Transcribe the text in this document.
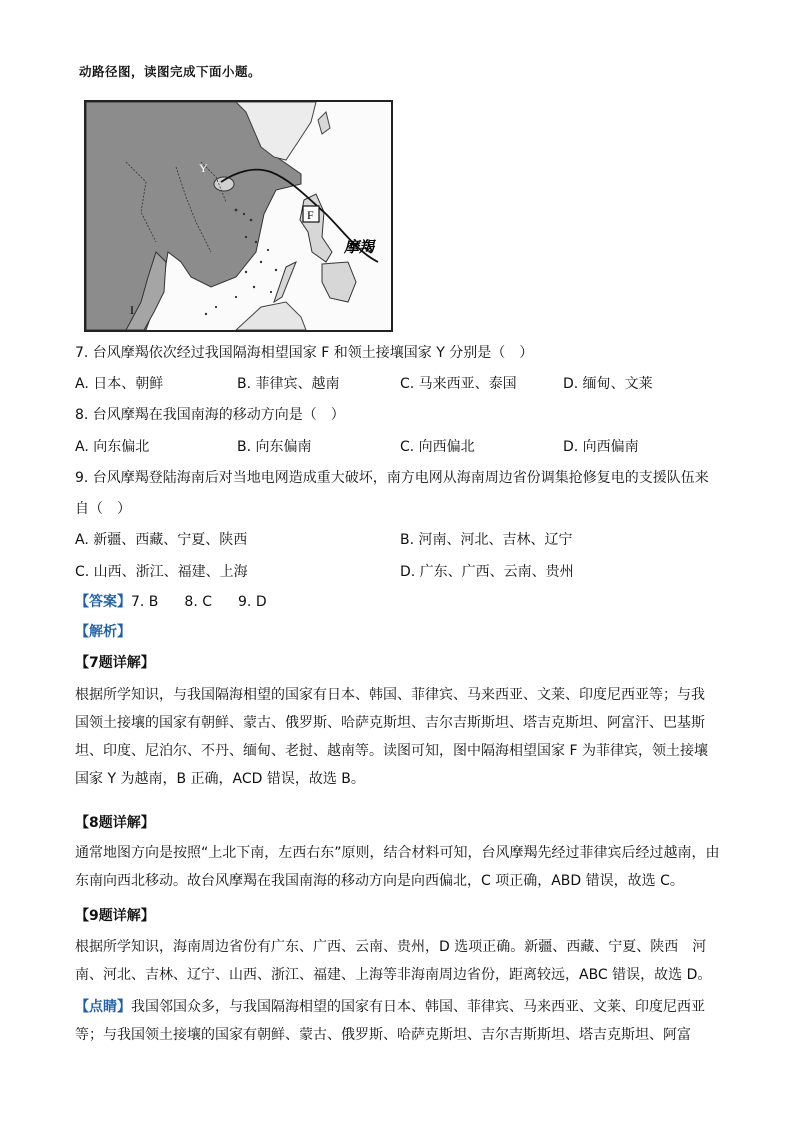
动路径图，读图完成下面小题。
F
Y
I
摩羯
7. 台风摩羯依次经过我国隔海相望国家 F 和领土接壤国家 Y 分别是（　）
A. 日本、朝鲜	B. 菲律宾、越南	C. 马来西亚、泰国	D. 缅甸、文莱
8. 台风摩羯在我国南海的移动方向是（　）
A. 向东偏北	B. 向东偏南	C. 向西偏北	D. 向西偏南
9. 台风摩羯登陆海南后对当地电网造成重大破坏，南方电网从海南周边省份调集抢修复电的支援队伍来
自（　）
A. 新疆、西藏、宁夏、陕西	B. 河南、河北、吉林、辽宁
C. 山西、浙江、福建、上海	D. 广东、广西、云南、贵州
【答案】7. B 8. C 9. D
【解析】
【7题详解】
根据所学知识，与我国隔海相望的国家有日本、韩国、菲律宾、马来西亚、文莱、印度尼西亚等；与我
国领土接壤的国家有朝鲜、蒙古、俄罗斯、哈萨克斯坦、吉尔吉斯斯坦、塔吉克斯坦、阿富汗、巴基斯
坦、印度、尼泊尔、不丹、缅甸、老挝、越南等。读图可知，图中隔海相望国家 F 为菲律宾，领土接壤
国家 Y 为越南，B 正确，ACD 错误，故选 B。
【8题详解】
通常地图方向是按照“上北下南，左西右东”原则，结合材料可知，台风摩羯先经过菲律宾后经过越南，由
东南向西北移动。故台风摩羯在我国南海的移动方向是向西偏北，C 项正确，ABD 错误，故选 C。
【9题详解】
根据所学知识，海南周边省份有广东、广西、云南、贵州，D 选项正确。新疆、西藏、宁夏、陕西　河
南、河北、吉林、辽宁、山西、浙江、福建、上海等非海南周边省份，距离较远，ABC 错误，故选 D。
【点睛】我国邻国众多，与我国隔海相望的国家有日本、韩国、菲律宾、马来西亚、文莱、印度尼西亚
等；与我国领土接壤的国家有朝鲜、蒙古、俄罗斯、哈萨克斯坦、吉尔吉斯斯坦、塔吉克斯坦、阿富
